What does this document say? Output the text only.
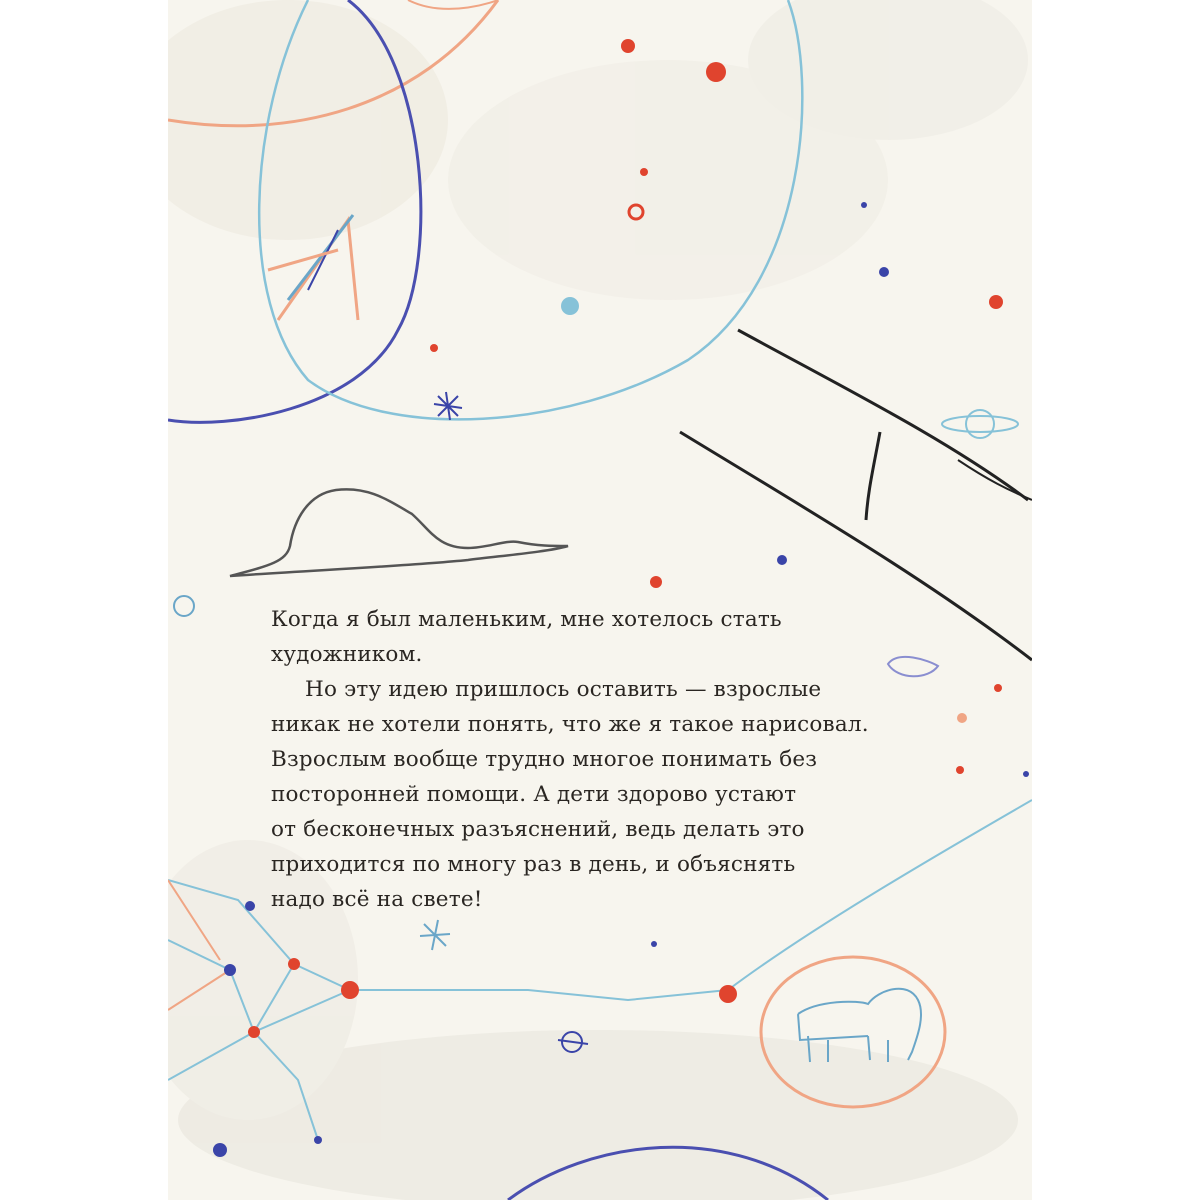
Когда я был маленьким, мне хотелось стать

художником.

Но эту идею пришлось оставить — взрослые

никак не хотели понять, что же я такое нарисовал.

Взрослым вообще трудно многое понимать без

посторонней помощи. А дети здорово устают

от бесконечных разъяснений, ведь делать это

приходится по многу раз в день, и объяснять

надо всё на свете!
